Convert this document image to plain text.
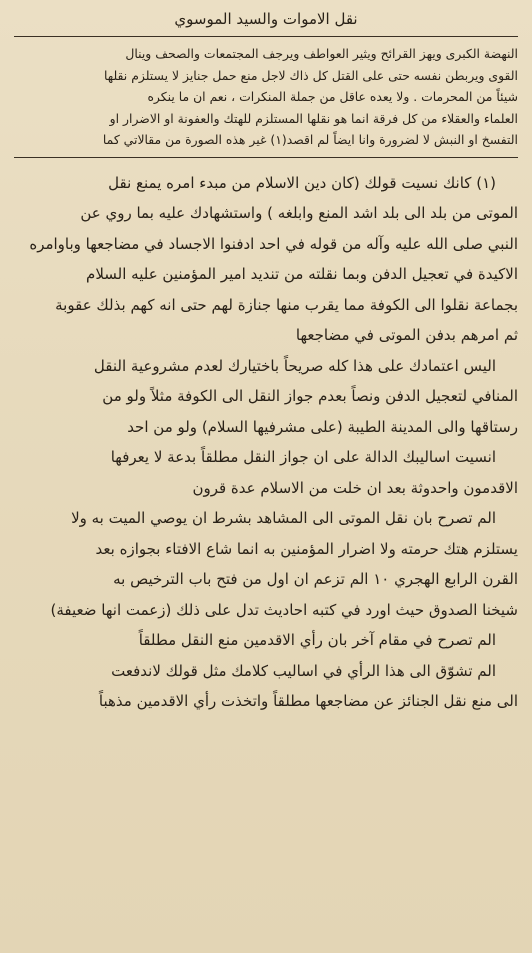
نقل الاموات والسيد الموسوي
النهضة الكبرى ويهز القرائح ويثير العواطف ويرجف المجتمعات والصحف وينال
القوى ويربطن نفسه حتى على القتل كل ذاك لاجل منع حمل جنايز لا يستلزم نقلها
شيئاً من المحرمات . ولا يعده عاقل من جملة المنكرات ، نعم ان ما ينكره
العلماء والعقلاء من كل فرقة انما هو نقلها المستلزم للهتك والعفونة او الاضرار او
التفسخ او النبش لا لضرورة وانا ايضاً لم اقصد(١) غير هذه الصورة من مقالاتي كما
(١) كانك نسيت قولك (كان دين الاسلام من مبدء امره يمنع نقل
الموتى من بلد الى بلد اشد المنع وابلغه ) واستشهادك عليه بما روي عن
النبي صلى الله عليه وآله من قوله في احد ادفنوا الاجساد في مضاجعها وباوامره
الاكيدة في تعجيل الدفن وبما نقلته من تنديد امير المؤمنين عليه السلام
بجماعة نقلوا الى الكوفة مما يقرب منها جنازة لهم حتى انه كهم بذلك عقوبة
ثم امرهم بدفن الموتى في مضاجعها
اليس اعتمادك على هذا كله صريحاً باختيارك لعدم مشروعية النقل
المنافي لتعجيل الدفن ونصاً بعدم جواز النقل الى الكوفة مثلاً ولو من
رستاقها والى المدينة الطيبة (على مشرفيها السلام) ولو من احد
انسيت اساليبك الدالة على ان جواز النقل مطلقاً بدعة لا يعرفها
الاقدمون واحدوثة بعد ان خلت من الاسلام عدة قرون
الم تصرح بان نقل الموتى الى المشاهد بشرط ان يوصي الميت به ولا
يستلزم هتك حرمته ولا اضرار المؤمنين به انما شاع الافتاء بجوازه بعد
القرن الرابع الهجري ١٠ الم تزعم ان اول من فتح باب الترخيص به
شيخنا الصدوق حيث اورد في كتبه احاديث تدل على ذلك (زعمت انها ضعيفة)
الم تصرح في مقام آخر بان رأي الاقدمين منع النقل مطلقاً
الم تشوّق الى هذا الرأي في اساليب كلامك مثل قولك لاندفعت
الى منع نقل الجنائز عن مضاجعها مطلقاً واتخذت رأي الاقدمين مذهباً
